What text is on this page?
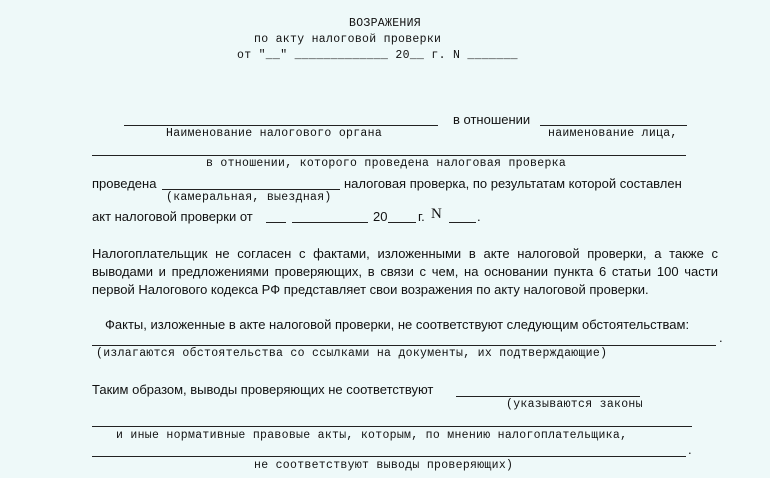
ВОЗРАЖЕНИЯ
по акту налоговой проверки
от "__" _____________ 20__ г. N _______
в отношении
Наименование налогового органа	наименование лица,
в отношении, которого проведена налоговая проверка
проведена	налоговая проверка, по результатам которой составлен
(камеральная, выездная)
акт налоговой проверки от	20 г. N	.
Налогоплательщик не согласен с фактами, изложенными в акте налоговой проверки, а также с выводами и предложениями проверяющих, в связи с чем, на основании пункта 6 статьи 100 части первой Налогового кодекса РФ представляет свои возражения по акту налоговой проверки.
Факты, изложенные в акте налоговой проверки, не соответствуют следующим обстоятельствам:
.
(излагаются обстоятельства со ссылками на документы, их подтверждающие)
Таким образом, выводы проверяющих не соответствуют
(указываются законы
и иные нормативные правовые акты, которым, по мнению налогоплательщика,
.
не соответствуют выводы проверяющих)
